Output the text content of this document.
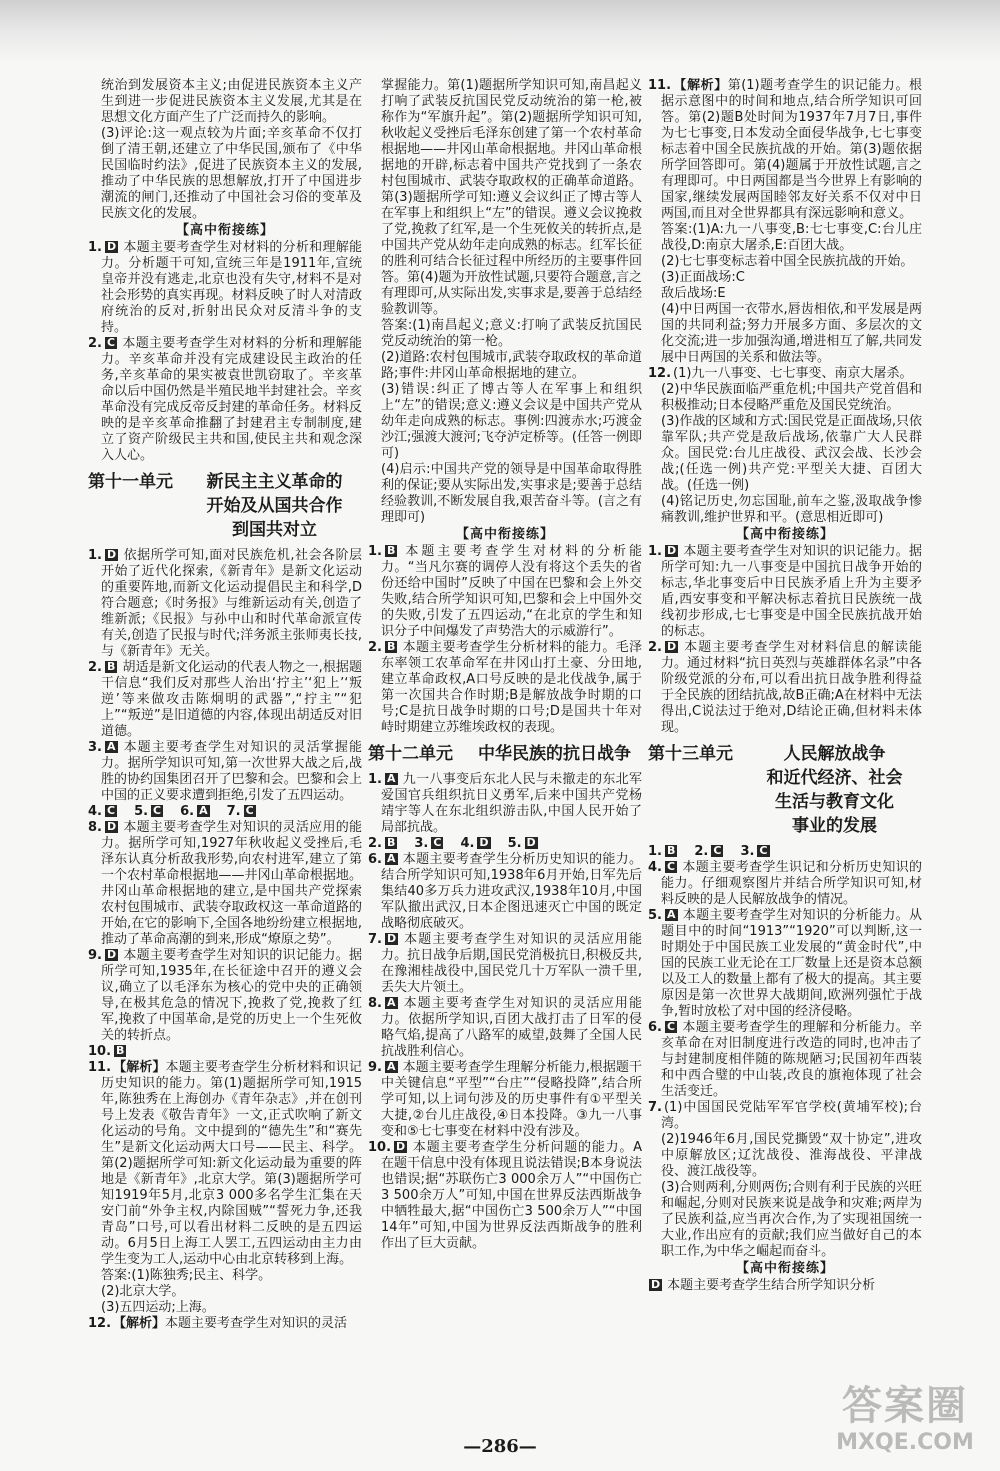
统治到发展资本主义;由促进民族资本主义产生到进一步促进民族资本主义发展,尤其是在思想文化方面产生了广泛而持久的影响。
(3)评论:这一观点较为片面;辛亥革命不仅打倒了清王朝,还建立了中华民国,颁布了《中华民国临时约法》,促进了民族资本主义的发展,推动了中华民族的思想解放,打开了中国进步潮流的闸门,还推动了中国社会习俗的变革及民族文化的发展。
【高中衔接练】
1. D 本题主要考查学生对材料的分析和理解能力。分析题干可知,宣统三年是1911年,宣统皇帝并没有逃走,北京也没有失守,材料不是对社会形势的真实再现。材料反映了时人对清政府统治的反对,折射出民众对反清斗争的支持。
2. C 本题主要考查学生对材料的分析和理解能力。辛亥革命并没有完成建设民主政治的任务,辛亥革命的果实被袁世凯窃取了。辛亥革命以后中国仍然是半殖民地半封建社会。辛亥革命没有完成反帝反封建的革命任务。材料反映的是辛亥革命推翻了封建君主专制制度,建立了资产阶级民主共和国,使民主共和观念深入人心。
第十一单元	新民主主义革命的
开始及从国共合作
到国共对立
1. D 依据所学可知,面对民族危机,社会各阶层开始了近代化探索,《新青年》是新文化运动的重要阵地,而新文化运动提倡民主和科学,D符合题意;《时务报》与维新运动有关,创造了维新派;《民报》与孙中山和时代革命派宣传有关,创造了民报与时代;洋务派主张师夷长技,与《新青年》无关。
2. B 胡适是新文化运动的代表人物之一,根据题干信息“我们反对那些人治出‘拧主’‘犯上’‘叛逆’等来做攻击陈炯明的武器”,“拧主”“犯上”“叛逆”是旧道德的内容,体现出胡适反对旧道德。
3. A 本题主要考查学生对知识的灵活掌握能力。据所学知识可知,第一次世界大战之后,战胜的协约国集团召开了巴黎和会。巴黎和会上中国的正义要求遭到拒绝,引发了五四运动。
4. C 5. C 6. A 7. C
8. D 本题主要考查学生对知识的灵活应用的能力。据所学可知,1927年秋收起义受挫后,毛泽东认真分析敌我形势,向农村进军,建立了第一个农村革命根据地——井冈山革命根据地。井冈山革命根据地的建立,是中国共产党探索农村包围城市、武装夺取政权这一革命道路的开始,在它的影响下,全国各地纷纷建立根据地,推动了革命高潮的到来,形成“燎原之势”。
9. D 本题主要考查学生对知识的识记能力。据所学可知,1935年,在长征途中召开的遵义会议,确立了以毛泽东为核心的党中央的正确领导,在极其危急的情况下,挽救了党,挽救了红军,挽救了中国革命,是党的历史上一个生死攸关的转折点。
10. B
11. 【解析】本题主要考查学生分析材料和识记历史知识的能力。第(1)题据所学可知,1915年,陈独秀在上海创办《青年杂志》,并在创刊号上发表《敬告青年》一文,正式吹响了新文化运动的号角。文中提到的“德先生”和“赛先生”是新文化运动两大口号——民主、科学。第(2)题据所学可知:新文化运动最为重要的阵地是《新青年》,北京大学。第(3)题据所学可知1919年5月,北京3 000多名学生汇集在天安门前“外争主权,内除国贼”“誓死力争,还我青岛”口号,可以看出材料二反映的是五四运动。6月5日上海工人罢工,五四运动由主力由学生变为工人,运动中心由北京转移到上海。
答案:(1)陈独秀;民主、科学。
(2)北京大学。
(3)五四运动;上海。
12. 【解析】本题主要考查学生对知识的灵活
掌握能力。第(1)题据所学知识可知,南昌起义打响了武装反抗国民党反动统治的第一枪,被称作为“军旗升起”。第(2)题据所学知识可知,秋收起义受挫后毛泽东创建了第一个农村革命根据地——井冈山革命根据地。井冈山革命根据地的开辟,标志着中国共产党找到了一条农村包围城市、武装夺取政权的正确革命道路。第(3)题据所学可知:遵义会议纠正了博古等人在军事上和组织上“左”的错误。遵义会议挽救了党,挽救了红军,是一个生死攸关的转折点,是中国共产党从幼年走向成熟的标志。红军长征的胜利可结合长征过程中所经历的主要事件回答。第(4)题为开放性试题,只要符合题意,言之有理即可,从实际出发,实事求是,要善于总结经验教训等。
答案:(1)南昌起义;意义:打响了武装反抗国民党反动统治的第一枪。
(2)道路:农村包围城市,武装夺取政权的革命道路;事件:井冈山革命根据地的建立。
(3)错误:纠正了博古等人在军事上和组织上“左”的错误;意义:遵义会议是中国共产党从幼年走向成熟的标志。事例:四渡赤水;巧渡金沙江;强渡大渡河;飞夺泸定桥等。(任答一例即可)
(4)启示:中国共产党的领导是中国革命取得胜利的保证;要从实际出发,实事求是;要善于总结经验教训,不断发展自我,艰苦奋斗等。(言之有理即可)
【高中衔接练】
1. B 本题主要考查学生对材料的分析能力。“当凡尔赛的调停人没有将这个丢失的省份还给中国时”反映了中国在巴黎和会上外交失败,结合所学知识可知,巴黎和会上中国外交的失败,引发了五四运动,“在北京的学生和知识分子中间爆发了声势浩大的示威游行”。
2. B 本题主要考查学生分析材料的能力。毛泽东率领工农革命军在井冈山打土豪、分田地,建立革命政权,A口号反映的是北伐战争,属于第一次国共合作时期;B是解放战争时期的口号;C是抗日战争时期的口号;D是国共十年对峙时期建立苏维埃政权的表现。
第十二单元	中华民族的抗日战争
1. A 九一八事变后东北人民与未撤走的东北军爱国官兵组织抗日义勇军,后来中国共产党杨靖宇等人在东北组织游击队,中国人民开始了局部抗战。
2. B 3. C 4. D 5. D
6. A 本题主要考查学生分析历史知识的能力。结合所学知识可知,1938年6月开始,日军先后集结40多万兵力进攻武汉,1938年10月,中国军队撤出武汉,日本企图迅速灭亡中国的既定战略彻底破灭。
7. D 本题主要考查学生对知识的灵活应用能力。抗日战争后期,国民党消极抗日,积极反共,在豫湘桂战役中,国民党几十万军队一溃千里,丢失大片领土。
8. A 本题主要考查学生对知识的灵活应用能力。依据所学知识,百团大战打击了日军的侵略气焰,提高了八路军的威望,鼓舞了全国人民抗战胜利信心。
9. A 本题主要考查学生理解分析能力,根据题干中关键信息“平型”“台庄”“侵略投降”,结合所学可知,以上词句涉及的历史事件有①平型关大捷,②台儿庄战役,④日本投降。③九一八事变和⑤七七事变在材料中没有涉及。
10. D 本题主要考查学生分析问题的能力。A在题干信息中没有体现且说法错误;B本身说法也错误;据“苏联伤亡3 000余万人”“中国伤亡3 500余万人”可知,中国在世界反法西斯战争中牺牲最大,据“中国伤亡3 500余万人”“中国14年”可知,中国为世界反法西斯战争的胜利作出了巨大贡献。
11. 【解析】第(1)题考查学生的识记能力。根据示意图中的时间和地点,结合所学知识可回答。第(2)题B处时间为1937年7月7日,事件为七七事变,日本发动全面侵华战争,七七事变标志着中国全民族抗战的开始。第(3)题依据所学回答即可。第(4)题属于开放性试题,言之有理即可。中日两国都是当今世界上有影响的国家,继续发展两国睦邻友好关系不仅对中日两国,而且对全世界都具有深远影响和意义。
答案:(1)A:九一八事变,B:七七事变,C:台儿庄战役,D:南京大屠杀,E:百团大战。
(2)七七事变标志着中国全民族抗战的开始。
(3)正面战场:C
敌后战场:E
(4)中日两国一衣带水,唇齿相依,和平发展是两国的共同利益;努力开展多方面、多层次的文化交流;进一步加强沟通,增进相互了解,共同发展中日两国的关系和做法等。
12. (1)九一八事变、七七事变、南京大屠杀。
(2)中华民族面临严重危机;中国共产党首倡和积极推动;日本侵略严重危及国民党统治。
(3)作战的区域和方式:国民党是正面战场,只依靠军队;共产党是敌后战场,依靠广大人民群众。国民党:台儿庄战役、武汉会战、长沙会战;(任选一例)共产党:平型关大捷、百团大战。(任选一例)
(4)铭记历史,勿忘国耻,前车之鉴,汲取战争惨痛教训,维护世界和平。(意思相近即可)
【高中衔接练】
1. D 本题主要考查学生对知识的识记能力。据所学可知:九一八事变是中国抗日战争开始的标志,华北事变后中日民族矛盾上升为主要矛盾,西安事变和平解决标志着抗日民族统一战线初步形成,七七事变是中国全民族抗战开始的标志。
2. D 本题主要考查学生对材料信息的解读能力。通过材料“抗日英烈与英雄群体名录”中各阶级党派的分布,可以看出抗日战争胜利得益于全民族的团结抗战,故B正确;A在材料中无法得出,C说法过于绝对,D结论正确,但材料未体现。
第十三单元	人民解放战争
和近代经济、社会
生活与教育文化
事业的发展
1. B 2. C 3. C
4. C 本题主要考查学生识记和分析历史知识的能力。仔细观察图片并结合所学知识可知,材料反映的是人民解放战争的情况。
5. A 本题主要考查学生对知识的分析能力。从题目中的时间“1913”“1920”可以判断,这一时期处于中国民族工业发展的“黄金时代”,中国的民族工业无论在工厂数量上还是资本总额以及工人的数量上都有了极大的提高。其主要原因是第一次世界大战期间,欧洲列强忙于战争,暂时放松了对中国的经济侵略。
6. C 本题主要考查学生的理解和分析能力。辛亥革命在对旧制度进行改造的同时,也冲击了与封建制度相伴随的陈规陋习;民国初年西装和中西合璧的中山装,改良的旗袍体现了社会生活变迁。
7. (1)中国国民党陆军军官学校(黄埔军校);台湾。
(2)1946年6月,国民党撕毁“双十协定”,进攻中原解放区;辽沈战役、淮海战役、平津战役、渡江战役等。
(3)合则两利,分则两伤;合则有利于民族的兴旺和崛起,分则对民族来说是战争和灾难;两岸为了民族利益,应当再次合作,为了实现祖国统一大业,作出应有的贡献;我们应当做好自己的本职工作,为中华之崛起而奋斗。
【高中衔接练】
D 本题主要考查学生结合所学知识分析
—286—
答案圈
MXQE.COM
